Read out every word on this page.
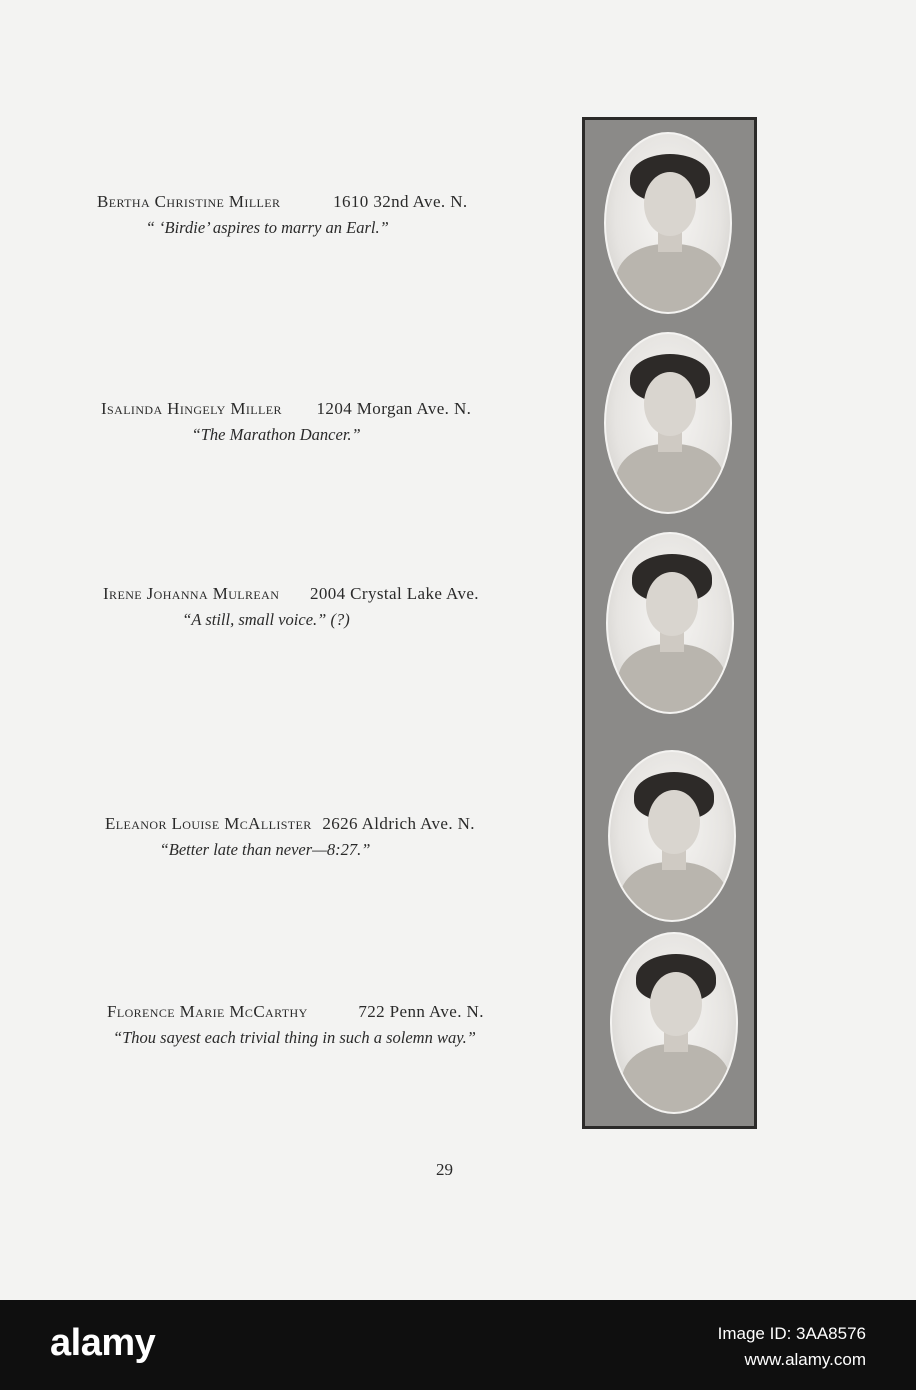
Bertha Christine Miller	1610 32nd Ave. N.
“ ‘Birdie’ aspires to marry an Earl.”
Isalinda Hingely Miller 1204 Morgan Ave. N.
“The Marathon Dancer.”
Irene Johanna Mulrean 2004 Crystal Lake Ave.
“A still, small voice.” (?)
Eleanor Louise McAllister 2626 Aldrich Ave. N.
“Better late than never—8:27.”
Florence Marie McCarthy	722 Penn Ave. N.
“Thou sayest each trivial thing in such a solemn way.”
29
alamy	Image ID: 3AA8576
www.alamy.com
